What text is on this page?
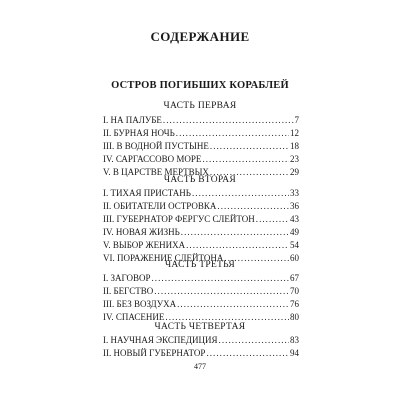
СОДЕРЖАНИЕ
ОСТРОВ ПОГИБШИХ КОРАБЛЕЙ
ЧАСТЬ ПЕРВАЯ
I. НА ПАЛУБЕ . . .	7
II. БУРНАЯ НОЧЬ . . .	12
III. В ВОДНОЙ ПУСТЫНЕ . . .	18
IV. САРГАССОВО МОРЕ . . .	23
V. В ЦАРСТВЕ МЕРТВЫХ . . .	29
ЧАСТЬ ВТОРАЯ
I. ТИХАЯ ПРИСТАНЬ . . .	33
II. ОБИТАТЕЛИ ОСТРОВКА . . .	36
III. ГУБЕРНАТОР ФЕРГУС СЛЕЙТОН . . .	43
IV. НОВАЯ ЖИЗНЬ . . .	49
V. ВЫБОР ЖЕНИХА . . .	54
VI. ПОРАЖЕНИЕ СЛЕЙТОНА . . .	60
ЧАСТЬ ТРЕТЬЯ
I. ЗАГОВОР . . .	67
II. БЕГСТВО . . .	70
III. БЕЗ ВОЗДУХА . . .	76
IV. СПАСЕНИЕ . . .	80
ЧАСТЬ ЧЕТВЕРТАЯ
I. НАУЧНАЯ ЭКСПЕДИЦИЯ . . .	83
II. НОВЫЙ ГУБЕРНАТОР . . .	94
477
